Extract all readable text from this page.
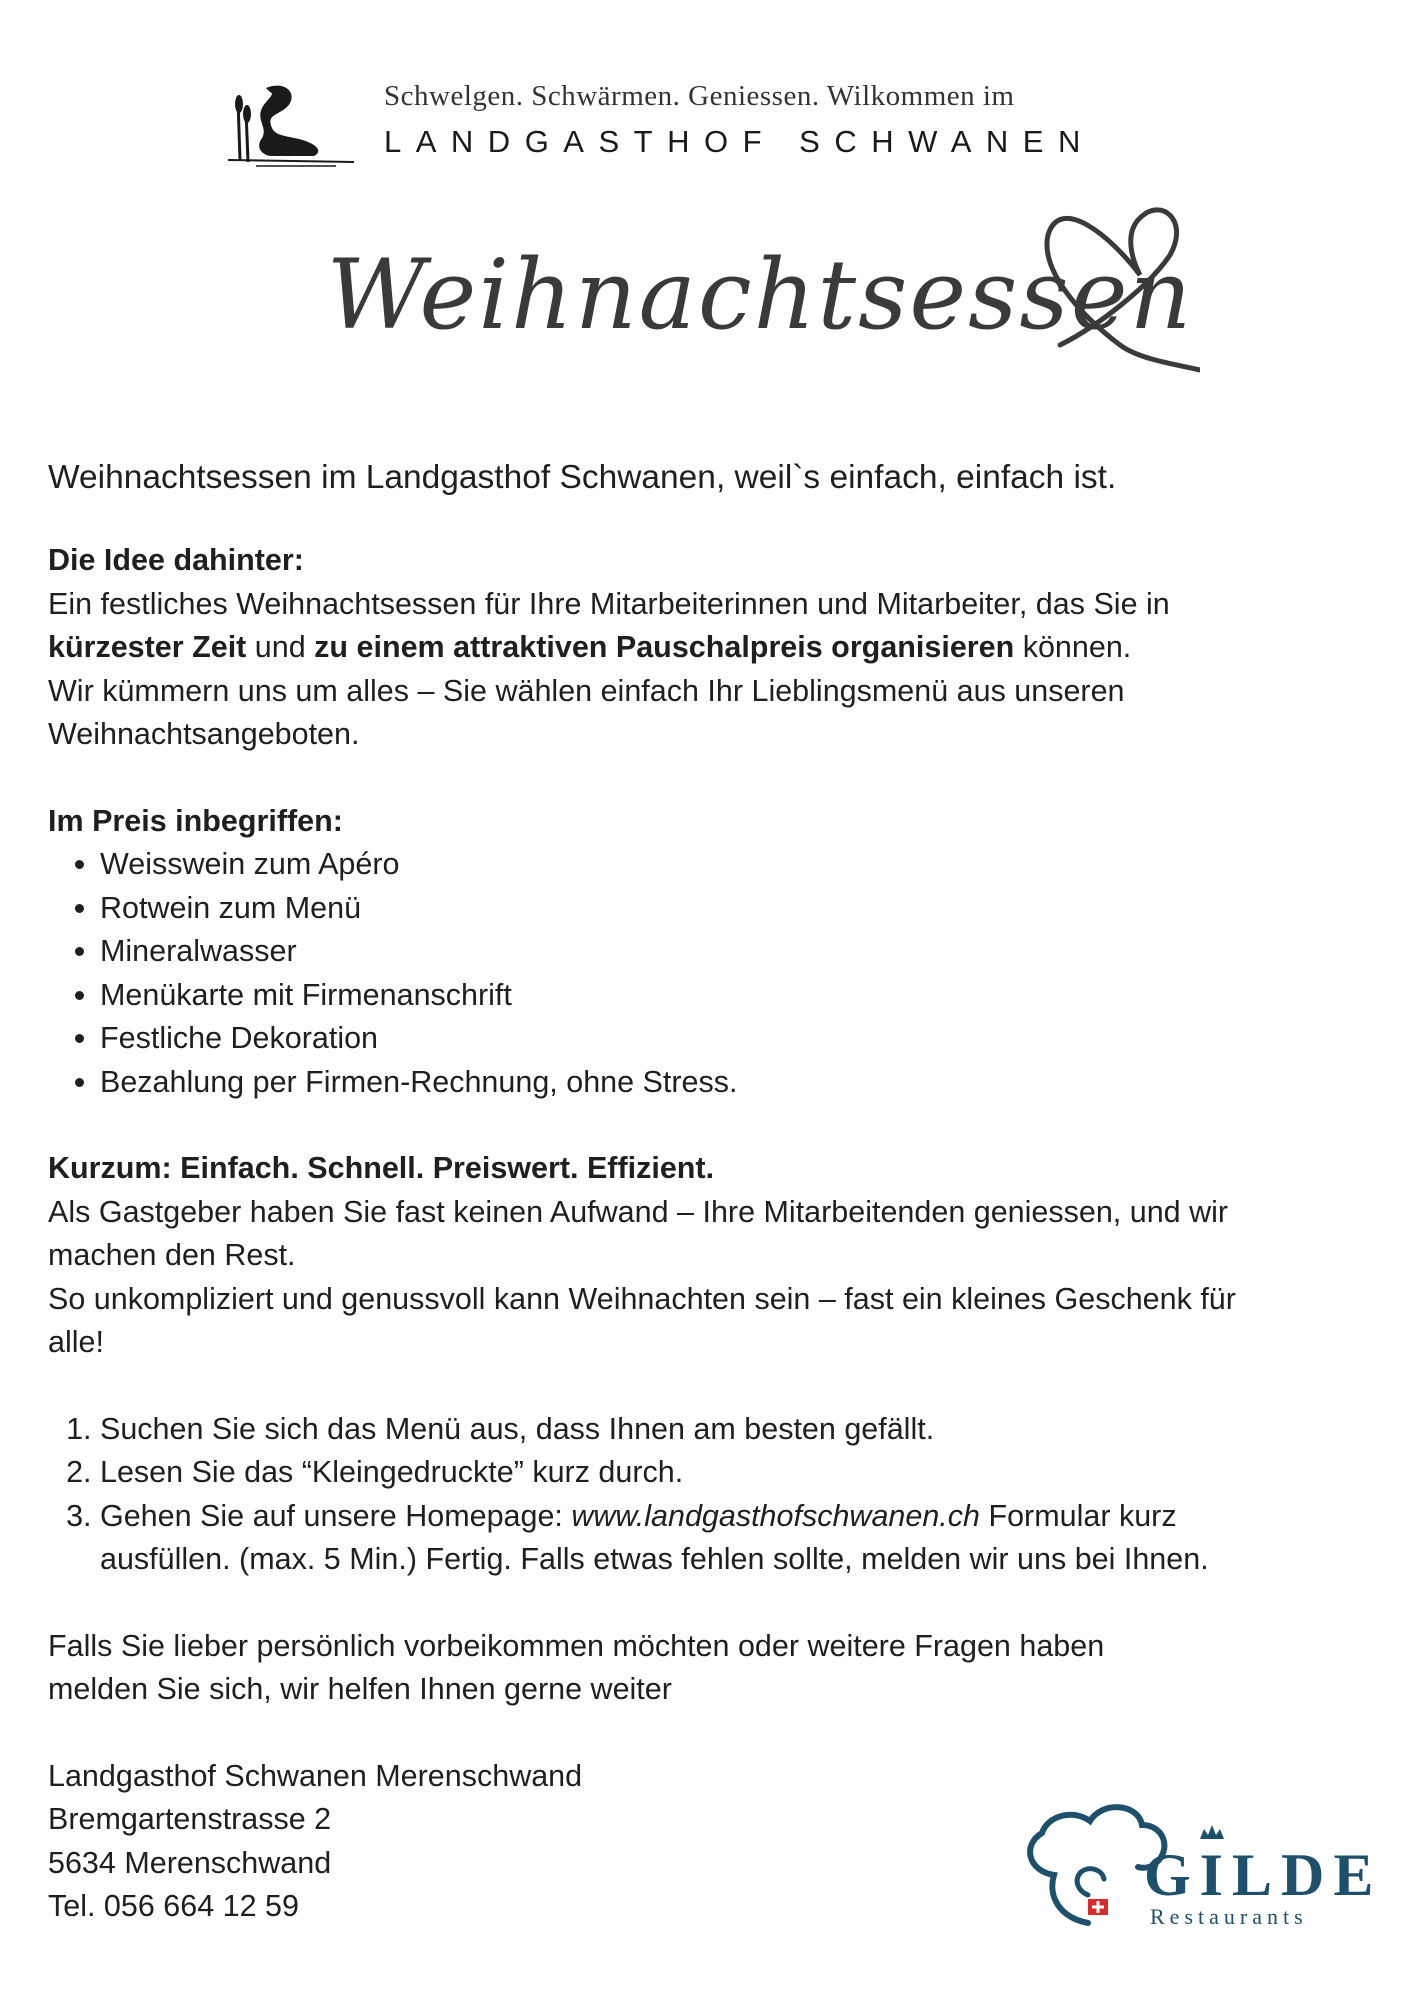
Schwelgen. Schwärmen. Geniessen. Wilkommen im
LANDGASTHOF SCHWANEN
Weihnachtsessen

Weihnachtsessen im Landgasthof Schwanen, weil`s einfach, einfach ist.

Die Idee dahinter:

Ein festliches Weihnachtsessen für Ihre Mitarbeiterinnen und Mitarbeiter, das Sie in
kürzester Zeit und zu einem attraktiven Pauschalpreis organisieren können.
Wir kümmern uns um alles – Sie wählen einfach Ihr Lieblingsmenü aus unseren
Weihnachtsangeboten.

Im Preis inbegriffen:

• Weisswein zum Apéro
• Rotwein zum Menü
• Mineralwasser
• Menükarte mit Firmenanschrift
• Festliche Dekoration
• Bezahlung per Firmen-Rechnung, ohne Stress.

Kurzum: Einfach. Schnell. Preiswert. Effizient.

Als Gastgeber haben Sie fast keinen Aufwand – Ihre Mitarbeitenden geniessen, und wir
machen den Rest.
So unkompliziert und genussvoll kann Weihnachten sein – fast ein kleines Geschenk für
alle!

1. Suchen Sie sich das Menü aus, dass Ihnen am besten gefällt.
2. Lesen Sie das “Kleingedruckte” kurz durch.
3. Gehen Sie auf unsere Homepage: www.landgasthofschwanen.ch Formular kurz
ausfüllen. (max. 5 Min.) Fertig. Falls etwas fehlen sollte, melden wir uns bei Ihnen.

Falls Sie lieber persönlich vorbeikommen möchten oder weitere Fragen haben
melden Sie sich, wir helfen Ihnen gerne weiter

Landgasthof Schwanen Merenschwand
Bremgartenstrasse 2
5634 Merenschwand
Tel. 056 664 12 59	GILDE
Restaurants
